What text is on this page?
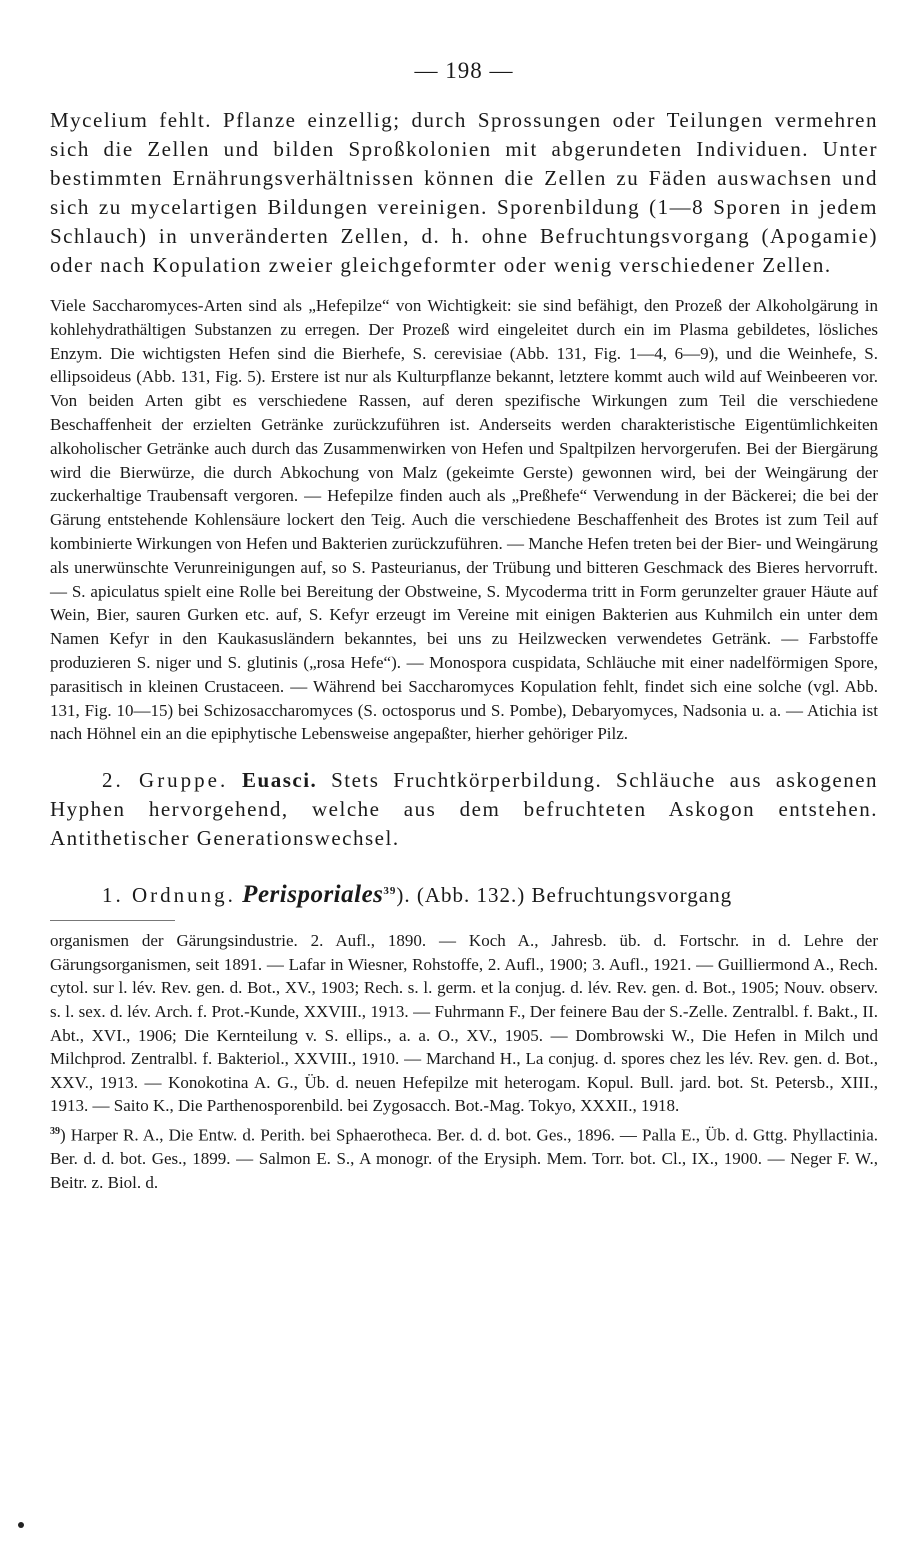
— 198 —

Mycelium fehlt. Pflanze einzellig; durch Sprossungen oder Teilungen vermehren sich die Zellen und bilden Sproßkolonien mit abgerundeten Individuen. Unter bestimmten Ernährungsverhältnissen können die Zellen zu Fäden auswachsen und sich zu mycelartigen Bildungen vereinigen. Sporenbildung (1—8 Sporen in jedem Schlauch) in unveränderten Zellen, d. h. ohne Befruchtungsvorgang (Apogamie) oder nach Kopulation zweier gleichgeformter oder wenig verschiedener Zellen.

Viele Saccharomyces-Arten sind als „Hefepilze“ von Wichtigkeit: sie sind befähigt, den Prozeß der Alkoholgärung in kohlehydrathältigen Substanzen zu erregen. Der Prozeß wird eingeleitet durch ein im Plasma gebildetes, lösliches Enzym. Die wichtigsten Hefen sind die Bierhefe, S. cerevisiae (Abb. 131, Fig. 1—4, 6—9), und die Weinhefe, S. ellipsoideus (Abb. 131, Fig. 5). Erstere ist nur als Kulturpflanze bekannt, letztere kommt auch wild auf Weinbeeren vor. Von beiden Arten gibt es verschiedene Rassen, auf deren spezifische Wirkungen zum Teil die verschiedene Beschaffenheit der erzielten Getränke zurückzuführen ist. Anderseits werden charakteristische Eigentümlichkeiten alkoholischer Getränke auch durch das Zusammenwirken von Hefen und Spaltpilzen hervorgerufen. Bei der Biergärung wird die Bierwürze, die durch Abkochung von Malz (gekeimte Gerste) gewonnen wird, bei der Weingärung der zuckerhaltige Traubensaft vergoren. — Hefepilze finden auch als „Preßhefe“ Verwendung in der Bäckerei; die bei der Gärung entstehende Kohlensäure lockert den Teig. Auch die verschiedene Beschaffenheit des Brotes ist zum Teil auf kombinierte Wirkungen von Hefen und Bakterien zurückzuführen. — Manche Hefen treten bei der Bier- und Weingärung als unerwünschte Verunreinigungen auf, so S. Pasteurianus, der Trübung und bitteren Geschmack des Bieres hervorruft. — S. apiculatus spielt eine Rolle bei Bereitung der Obstweine, S. Mycoderma tritt in Form gerunzelter grauer Häute auf Wein, Bier, sauren Gurken etc. auf, S. Kefyr erzeugt im Vereine mit einigen Bakterien aus Kuhmilch ein unter dem Namen Kefyr in den Kaukasusländern bekanntes, bei uns zu Heilzwecken verwendetes Getränk. — Farbstoffe produzieren S. niger und S. glutinis („rosa Hefe“). — Monospora cuspidata, Schläuche mit einer nadelförmigen Spore, parasitisch in kleinen Crustaceen. — Während bei Saccharomyces Kopulation fehlt, findet sich eine solche (vgl. Abb. 131, Fig. 10—15) bei Schizosaccharomyces (S. octosporus und S. Pombe), Debaryomyces, Nadsonia u. a. — Atichia ist nach Höhnel ein an die epiphytische Lebensweise angepaßter, hierher gehöriger Pilz.

2. Gruppe. Euasci. Stets Fruchtkörperbildung. Schläuche aus askogenen Hyphen hervorgehend, welche aus dem befruchteten Askogon entstehen. Antithetischer Generationswechsel.

1. Ordnung. Perisporiales$^{39}$). (Abb. 132.) Befruchtungsvorgang

organismen der Gärungsindustrie. 2. Aufl., 1890. — Koch A., Jahresb. üb. d. Fortschr. in d. Lehre der Gärungsorganismen, seit 1891. — Lafar in Wiesner, Rohstoffe, 2. Aufl., 1900; 3. Aufl., 1921. — Guilliermond A., Rech. cytol. sur l. lév. Rev. gen. d. Bot., XV., 1903; Rech. s. l. germ. et la conjug. d. lév. Rev. gen. d. Bot., 1905; Nouv. observ. s. l. sex. d. lév. Arch. f. Prot.-Kunde, XXVIII., 1913. — Fuhrmann F., Der feinere Bau der S.-Zelle. Zentralbl. f. Bakt., II. Abt., XVI., 1906; Die Kernteilung v. S. ellips., a. a. O., XV., 1905. — Dombrowski W., Die Hefen in Milch und Milchprod. Zentralbl. f. Bakteriol., XXVIII., 1910. — Marchand H., La conjug. d. spores chez les lév. Rev. gen. d. Bot., XXV., 1913. — Konokotina A. G., Üb. d. neuen Hefepilze mit heterogam. Kopul. Bull. jard. bot. St. Petersb., XIII., 1913. — Saito K., Die Parthenosporenbild. bei Zygosacch. Bot.-Mag. Tokyo, XXXII., 1918.

$^{39}$) Harper R. A., Die Entw. d. Perith. bei Sphaerotheca. Ber. d. d. bot. Ges., 1896. — Palla E., Üb. d. Gttg. Phyllactinia. Ber. d. d. bot. Ges., 1899. — Salmon E. S., A monogr. of the Erysiph. Mem. Torr. bot. Cl., IX., 1900. — Neger F. W., Beitr. z. Biol. d.
